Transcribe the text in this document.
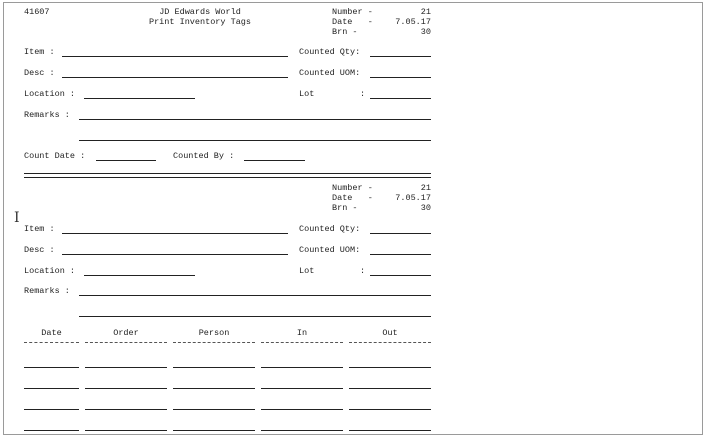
41607	JD Edwards World
Print Inventory Tags
Number -	21
Date   -	7.05.17
Brn -	30
Item :	Counted Qty:
Desc :	Counted UOM:
Location :	Lot	:
Remarks :
Count Date :	Counted By :
Number -	21
Date   -	7.05.17
Brn -	30
Item :	Counted Qty:
Desc :	Counted UOM:
Location :	Lot	:
Remarks :
Date	Order	Person	In	Out
I
